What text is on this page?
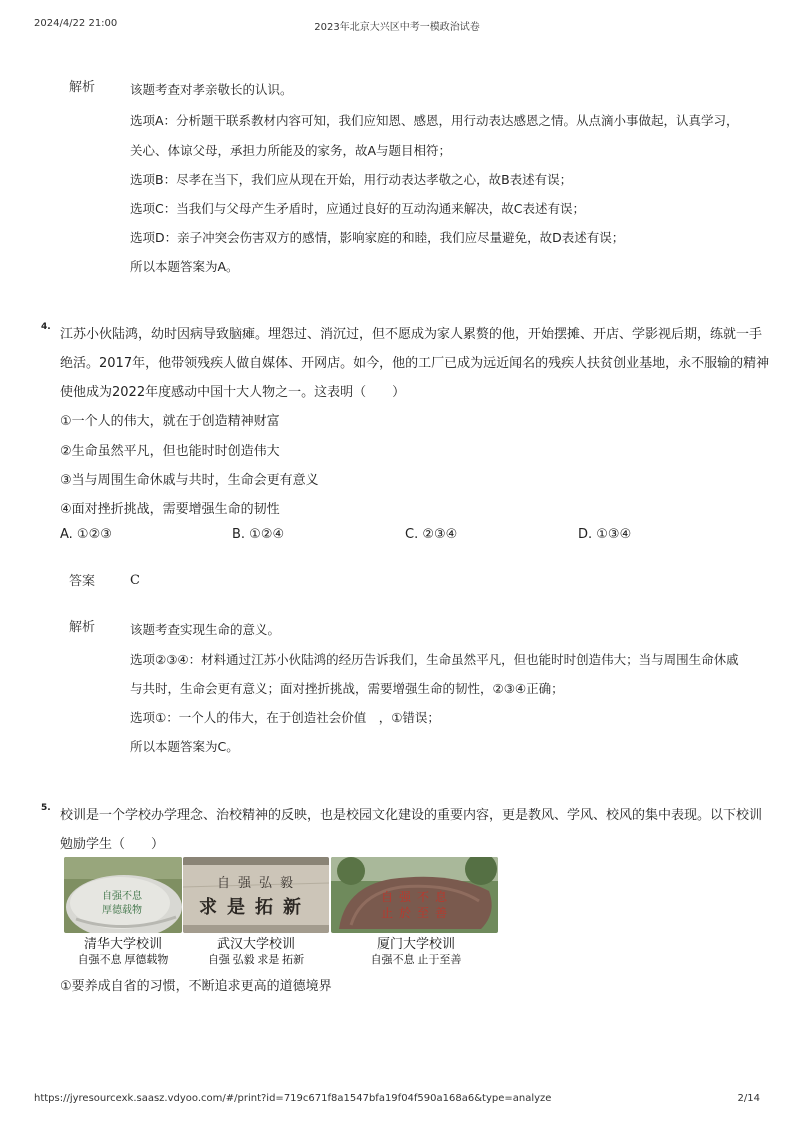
2024/4/22 21:00	2023年北京大兴区中考一模政治试卷
解析	该题考查对孝亲敬长的认识。
选项A：分析题干联系教材内容可知，我们应知恩、感恩，用行动表达感恩之情。从点滴小事做起，认真学习，
关心、体谅父母，承担力所能及的家务，故A与题目相符；
选项B：尽孝在当下，我们应从现在开始，用行动表达孝敬之心，故B表述有误；
选项C：当我们与父母产生矛盾时，应通过良好的互动沟通来解决，故C表述有误；
选项D：亲子冲突会伤害双方的感情，影响家庭的和睦，我们应尽量避免，故D表述有误；
所以本题答案为A。
4. 江苏小伙陆鸿，幼时因病导致脑瘫。埋怨过、消沉过，但不愿成为家人累赘的他，开始摆摊、开店、学影视后期，练就一手
绝活。2017年，他带领残疾人做自媒体、开网店。如今，他的工厂已成为远近闻名的残疾人扶贫创业基地，永不服输的精神
使他成为2022年度感动中国十大人物之一。这表明（　　）
①一个人的伟大，就在于创造精神财富
②生命虽然平凡，但也能时时创造伟大
③当与周围生命休戚与共时，生命会更有意义
④面对挫折挑战，需要增强生命的韧性
A. ①②③	B. ①②④	C. ②③④	D. ①③④
答案	C
解析	该题考查实现生命的意义。
选项②③④：材料通过江苏小伙陆鸿的经历告诉我们，生命虽然平凡，但也能时时创造伟大；当与周围生命休戚
与共时，生命会更有意义；面对挫折挑战，需要增强生命的韧性，②③④正确；
选项①：一个人的伟大，在于创造社会价值　，①错误；
所以本题答案为C。
5. 校训是一个学校办学理念、治校精神的反映，也是校园文化建设的重要内容，更是教风、学风、校风的集中表现。以下校训
勉励学生（　　）
自强不息
厚德载物
清华大学校训
自强不息 厚德载物
自强弘毅
求是拓新
武汉大学校训
自强 弘毅 求是 拓新
自强不息
止於至善
厦门大学校训
自强不息 止于至善
①要养成自省的习惯，不断追求更高的道德境界
https://jyresourcexk.saasz.vdyoo.com/#/print?id=719c671f8a1547bfa19f04f590a168a6&type=analyze	2/14
